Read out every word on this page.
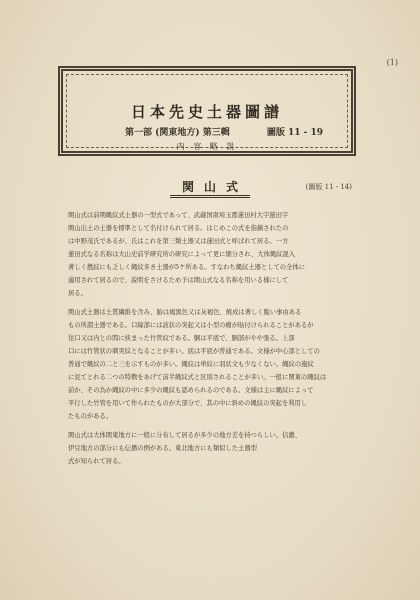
(1)
日本先史土器圖譜
第一部 (関東地方) 第三輯	圖版 11 - 19
内 容 略 説
関山式	(圖版 11 - 14)

関山式は前期縄紋式土器の一型式であって、武蔵国南埼玉郡蓮田村大字蓮田字
関山出土の土器を標準として名付けられて居る。はじめこの式を指摘されたの
は中野茂氏であるが、氏はこれを第三類土器又は蓮田式と呼ばれて居る。一方
蓮田式なる名称は大山史前学研究所の研究によって更に細分され、大体縄紋混入
著しく撚紋にも乏しく縄紋多き土器が5ケ所ある。すなわち縄紋土器としての全体に
適用されて居るので、説明をさけるため予は関山式なる名称を用いる様にして
居る。

関山式土器は土質繊維を含み、胎は褐黒色又は灰褐色、焼成は著しく脆い事由ある
もの所謂土器である。口縁部には波状の突起又は小型の瘤が貼付けられることがあるが
往口又は内との間に挟まった竹管紋である。胴は平底で、胴部がやや張る。上部
口には竹管状の刺突紋となることが多い。底は平底が普通である。文様が中心部としての
普通で縄紋の二と三を示すものが多い。縄紋は単紋に羽状文も少なくない。縄紋の施紋
に見てとれる二つの特徴をあげて前半縄紋式と区別されることが多い。一般に関東の縄紋は
前か、その為か縄紋の中に多少の縄紋も認められるのである。文様は主に縄紋によって
平行した竹管を用いて作られたものが大部分で、其の中に斜めの縄紋の突起を利用し
たものがある。

関山式は大体関東地方に一般に分布して居るが多少の地方差を持つらしい。信濃、
伊豆地方の部分にも伝播の例がある。東北地方にも類似した土器型
式が知られて居る。
